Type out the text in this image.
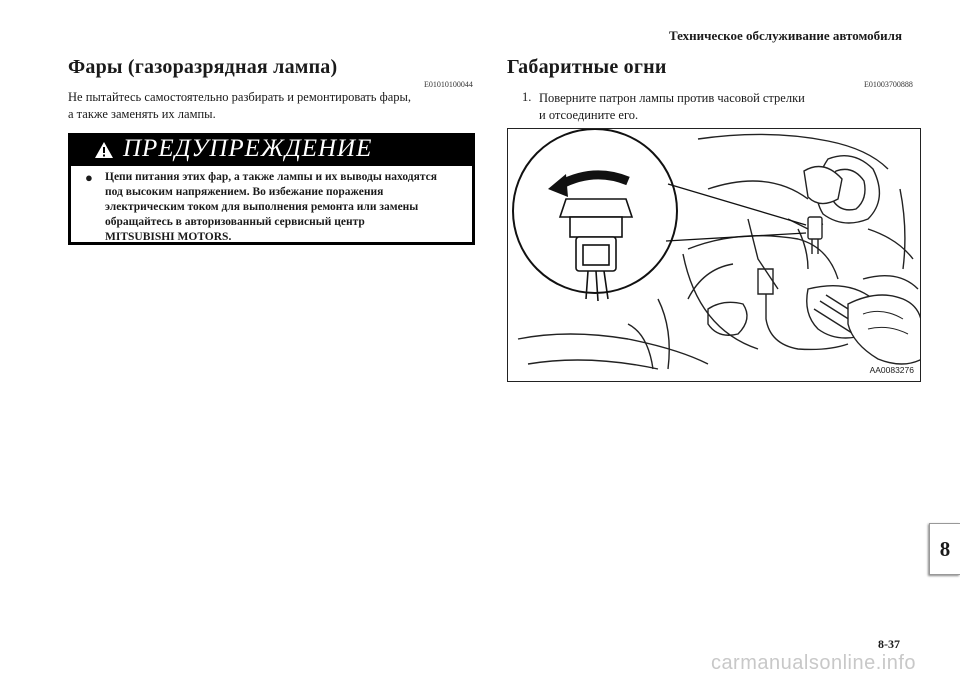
Техническое обслуживание автомобиля
Фары (газоразрядная лампа)
E01010100044
Не пытайтесь самостоятельно разбирать и ремонтировать фары,
а также заменять их лампы.
ПРЕДУПРЕЖДЕНИЕ
● Цепи питания этих фар, а также лампы и их выводы находятся
под высоким напряжением. Во избежание поражения
электрическим током для выполнения ремонта или замены
обращайтесь в авторизованный сервисный центр
MITSUBISHI MOTORS.
Габаритные огни
E01003700888
1. Поверните патрон лампы против часовой стрелки
и отсоедините его.
AA0083276
8
8-37
carmanualsonline.info
